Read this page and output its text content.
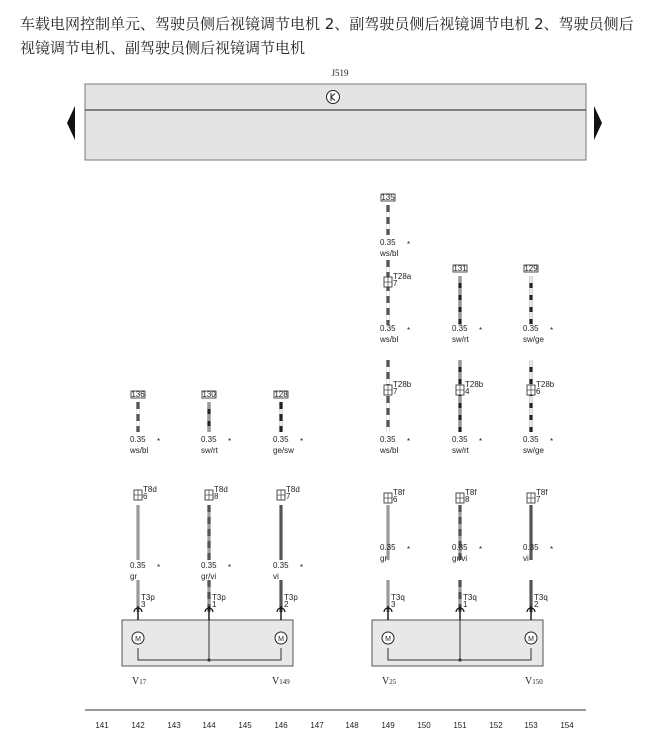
车载电网控制单元、驾驶员侧后视镜调节电机 2、副驾驶员侧后视镜调节电机 2、驾驶员侧后视镜调节电机、副驾驶员侧后视镜调节电机
J519
136
0.35
ws/bl
*
0.35
gr
*
T8d
6
T3p
3
130
0.35
sw/rt
*
0.35
gr/vi
*
T8d
8
T3p
1
128
0.35
ge/sw
*
0.35
vi
*
T8d
7
T3p
2
135
0.35
ws/bl
*
0.35
ws/bl
*
0.35
ws/bl
*
0.35
gr
*
T28a
7
T28b
7
T8f
6
T3q
3
131
0.35
sw/rt
*
0.35
sw/rt
*
0.35
gr/vi
*
T28b
4
T8f
8
T3q
1
129
0.35
sw/ge
*
0.35
sw/ge
*
0.35
vi
*
T28b
6
T8f
7
T3q
2
M	M	M	M
V17	V149	V25	V150
141	142	143	144	145	146	147	148	149	150	151	152	153	154
